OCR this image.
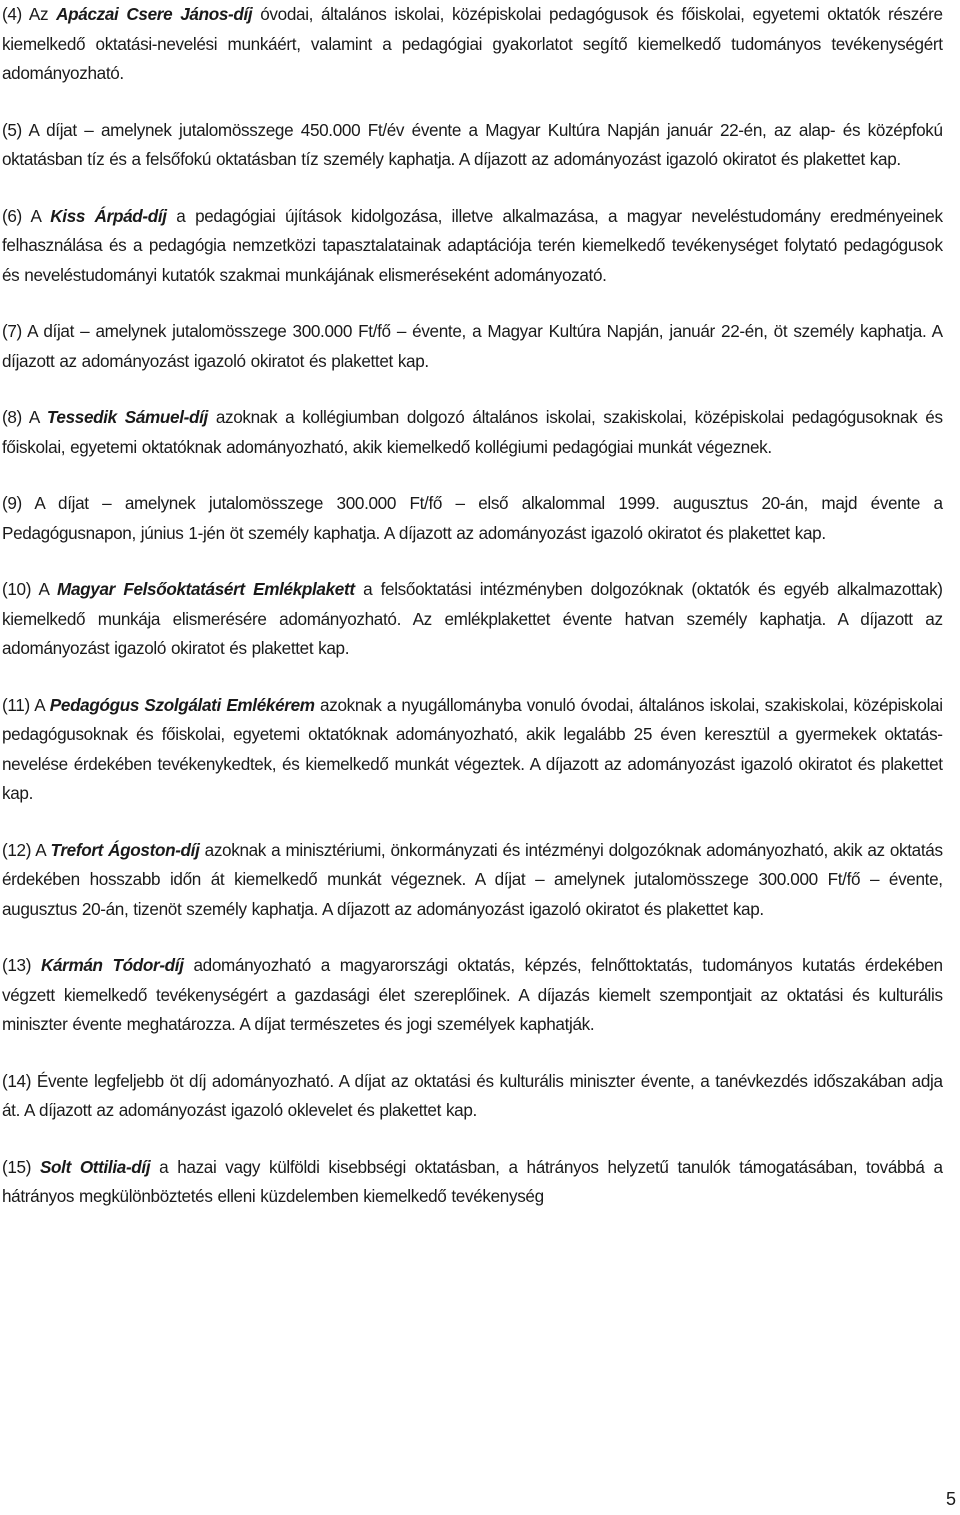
(4) Az Apáczai Csere János-díj óvodai, általános iskolai, középiskolai pedagógusok és főiskolai, egyetemi oktatók részére kiemelkedő oktatási-nevelési munkáért, valamint a pedagógiai gyakorlatot segítő kiemelkedő tudományos tevékenységért adományozható.

(5) A díjat – amelynek jutalomösszege 450.000 Ft/év évente a Magyar Kultúra Napján január 22-én, az alap- és középfokú oktatásban tíz és a felsőfokú oktatásban tíz személy kaphatja. A díjazott az adományozást igazoló okiratot és plakettet kap.

(6) A Kiss Árpád-díj a pedagógiai újítások kidolgozása, illetve alkalmazása, a magyar neveléstudomány eredményeinek felhasználása és a pedagógia nemzetközi tapasztalatainak adaptációja terén kiemelkedő tevékenységet folytató pedagógusok és neveléstudományi kutatók szakmai munkájának elismeréseként adományozató.

(7) A díjat – amelynek jutalomösszege 300.000 Ft/fő – évente, a Magyar Kultúra Napján, január 22-én, öt személy kaphatja. A díjazott az adományozást igazoló okiratot és plakettet kap.

(8) A Tessedik Sámuel-díj azoknak a kollégiumban dolgozó általános iskolai, szakiskolai, középiskolai pedagógusoknak és főiskolai, egyetemi oktatóknak adományozható, akik kiemelkedő kollégiumi pedagógiai munkát végeznek.

(9) A díjat – amelynek jutalomösszege 300.000 Ft/fő – első alkalommal 1999. augusztus 20-án, majd évente a Pedagógusnapon, június 1-jén öt személy kaphatja. A díjazott az adományozást igazoló okiratot és plakettet kap.

(10) A Magyar Felsőoktatásért Emlékplakett a felsőoktatási intézményben dolgozóknak (oktatók és egyéb alkalmazottak) kiemelkedő munkája elismerésére adományozható. Az emlékplakettet évente hatvan személy kaphatja. A díjazott az adományozást igazoló okiratot és plakettet kap.

(11) A Pedagógus Szolgálati Emlékérem azoknak a nyugállományba vonuló óvodai, általános iskolai, szakiskolai, középiskolai pedagógusoknak és főiskolai, egyetemi oktatóknak adományozható, akik legalább 25 éven keresztül a gyermekek oktatás-nevelése érdekében tevékenykedtek, és kiemelkedő munkát végeztek. A díjazott az adományozást igazoló okiratot és plakettet kap.

(12) A Trefort Ágoston-díj azoknak a minisztériumi, önkormányzati és intézményi dolgozóknak adományozható, akik az oktatás érdekében hosszabb időn át kiemelkedő munkát végeznek. A díjat – amelynek jutalomösszege 300.000 Ft/fő – évente, augusztus 20-án, tizenöt személy kaphatja. A díjazott az adományozást igazoló okiratot és plakettet kap.

(13) Kármán Tódor-díj adományozható a magyarországi oktatás, képzés, felnőttoktatás, tudományos kutatás érdekében végzett kiemelkedő tevékenységért a gazdasági élet szereplőinek. A díjazás kiemelt szempontjait az oktatási és kulturális miniszter évente meghatározza. A díjat természetes és jogi személyek kaphatják.

(14) Évente legfeljebb öt díj adományozható. A díjat az oktatási és kulturális miniszter évente, a tanévkezdés időszakában adja át. A díjazott az adományozást igazoló oklevelet és plakettet kap.

(15) Solt Ottilia-díj a hazai vagy külföldi kisebbségi oktatásban, a hátrányos helyzetű tanulók támogatásában, továbbá a hátrányos megkülönböztetés elleni küzdelemben kiemelkedő tevékenység

5
